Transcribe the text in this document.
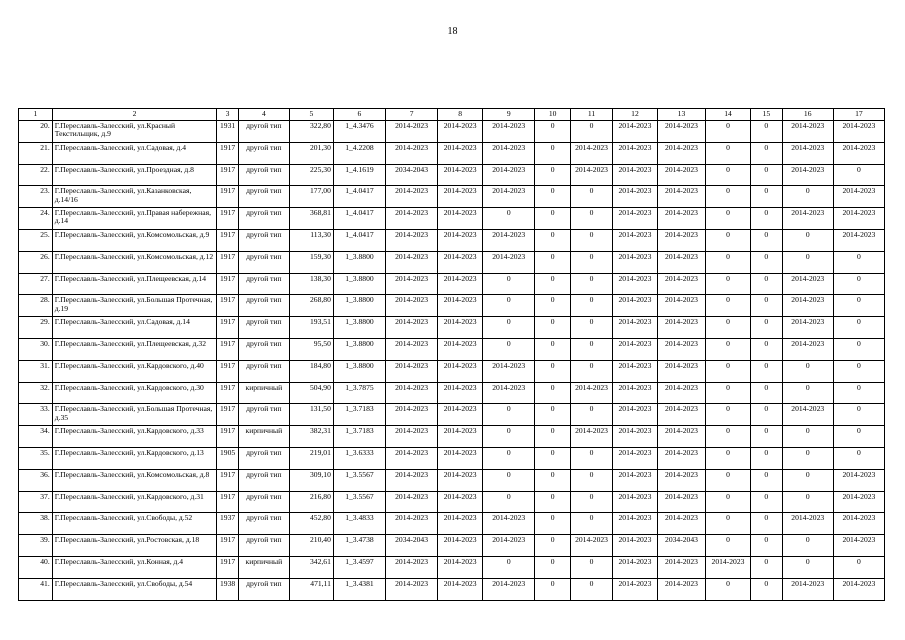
18
1	2	3	4	5	6	7	8	9	10	11	12	13	14	15	16	17
20.	Г.Переславль-Залесский, ул.Красный Текстильщик, д.9	1931	другой тип	322,80	1_4.3476	2014-2023	2014-2023	2014-2023	0	0	2014-2023	2014-2023	0	0	2014-2023	2014-2023
21.	Г.Переславль-Залесский, ул.Садовая, д.4	1917	другой тип	201,30	1_4.2208	2014-2023	2014-2023	2014-2023	0	2014-2023	2014-2023	2014-2023	0	0	2014-2023	2014-2023
22.	Г.Переславль-Залесский, ул.Проездная, д.8	1917	другой тип	225,30	1_4.1619	2034-2043	2014-2023	2014-2023	0	2014-2023	2014-2023	2014-2023	0	0	2014-2023	0
23.	Г.Переславль-Залесский, ул.Казанковская, д.14/16	1917	другой тип	177,00	1_4.0417	2014-2023	2014-2023	2014-2023	0	0	2014-2023	2014-2023	0	0	0	2014-2023
24.	Г.Переславль-Залесский, ул.Правая набережная, д.14	1917	другой тип	368,81	1_4.0417	2014-2023	2014-2023	0	0	0	2014-2023	2014-2023	0	0	2014-2023	2014-2023
25.	Г.Переславль-Залесский, ул.Комсомольская, д.9	1917	другой тип	113,30	1_4.0417	2014-2023	2014-2023	2014-2023	0	0	2014-2023	2014-2023	0	0	0	2014-2023
26.	Г.Переславль-Залесский, ул.Комсомольская, д.12	1917	другой тип	159,30	1_3.8800	2014-2023	2014-2023	2014-2023	0	0	2014-2023	2014-2023	0	0	0	0
27.	Г.Переславль-Залесский, ул.Плещеевская, д.14	1917	другой тип	138,30	1_3.8800	2014-2023	2014-2023	0	0	0	2014-2023	2014-2023	0	0	2014-2023	0
28.	Г.Переславль-Залесский, ул.Большая Протечная, д.19	1917	другой тип	268,80	1_3.8800	2014-2023	2014-2023	0	0	0	2014-2023	2014-2023	0	0	2014-2023	0
29.	Г.Переславль-Залесский, ул.Садовая, д.14	1917	другой тип	193,51	1_3.8800	2014-2023	2014-2023	0	0	0	2014-2023	2014-2023	0	0	2014-2023	0
30.	Г.Переславль-Залесский, ул.Плещеевская, д.32	1917	другой тип	95,50	1_3.8800	2014-2023	2014-2023	0	0	0	2014-2023	2014-2023	0	0	2014-2023	0
31.	Г.Переславль-Залесский, ул.Кардовского, д.40	1917	другой тип	184,80	1_3.8800	2014-2023	2014-2023	2014-2023	0	0	2014-2023	2014-2023	0	0	0	0
32.	Г.Переславль-Залесский, ул.Кардовского, д.30	1917	кирпичный	504,90	1_3.7875	2014-2023	2014-2023	2014-2023	0	2014-2023	2014-2023	2014-2023	0	0	0	0
33.	Г.Переславль-Залесский, ул.Большая Протечная, д.35	1917	другой тип	131,50	1_3.7183	2014-2023	2014-2023	0	0	0	2014-2023	2014-2023	0	0	2014-2023	0
34.	Г.Переславль-Залесский, ул.Кардовского, д.33	1917	кирпичный	382,31	1_3.7183	2014-2023	2014-2023	0	0	2014-2023	2014-2023	2014-2023	0	0	0	0
35.	Г.Переславль-Залесский, ул.Кардовского, д.13	1905	другой тип	219,01	1_3.6333	2014-2023	2014-2023	0	0	0	2014-2023	2014-2023	0	0	0	0
36.	Г.Переславль-Залесский, ул.Комсомольская, д.8	1917	другой тип	309,10	1_3.5567	2014-2023	2014-2023	0	0	0	2014-2023	2014-2023	0	0	0	2014-2023
37.	Г.Переславль-Залесский, ул.Кардовского, д.31	1917	другой тип	216,80	1_3.5567	2014-2023	2014-2023	0	0	0	2014-2023	2014-2023	0	0	0	2014-2023
38.	Г.Переславль-Залесский, ул.Свободы, д.52	1937	другой тип	452,80	1_3.4833	2014-2023	2014-2023	2014-2023	0	0	2014-2023	2014-2023	0	0	2014-2023	2014-2023
39.	Г.Переславль-Залесский, ул.Ростовская, д.18	1917	другой тип	210,40	1_3.4738	2034-2043	2014-2023	2014-2023	0	2014-2023	2014-2023	2034-2043	0	0	0	2014-2023
40.	Г.Переславль-Залесский, ул.Конная, д.4	1917	кирпичный	342,61	1_3.4597	2014-2023	2014-2023	0	0	0	2014-2023	2014-2023	2014-2023	0	0	0
41.	Г.Переславль-Залесский, ул.Свободы, д.54	1938	другой тип	471,11	1_3.4381	2014-2023	2014-2023	2014-2023	0	0	2014-2023	2014-2023	0	0	2014-2023	2014-2023
